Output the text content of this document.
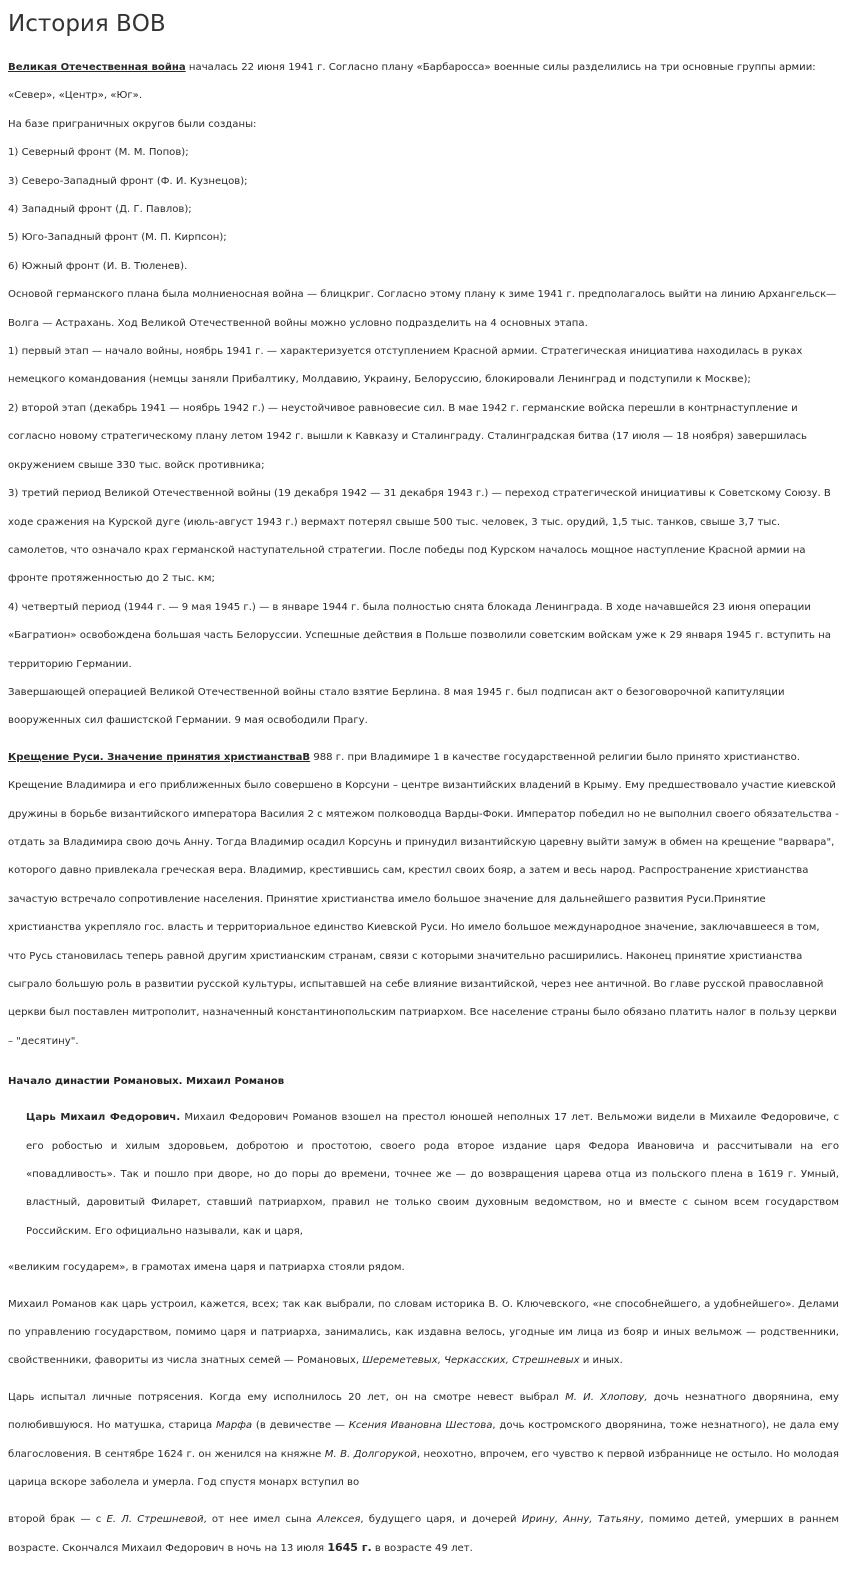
История ВОВ

Великая Отечественная война началась 22 июня 1941 г. Согласно плану «Барбаросса» военные силы разделились на три основные группы армии: «Север», «Центр», «Юг».

На базе приграничных округов были созданы:

1) Северный фронт (М. М. Попов);

3) Северо-Западный фронт (Ф. И. Кузнецов);

4) Западный фронт (Д. Г. Павлов);

5) Юго-Западный фронт (М. П. Кирпсон);

6) Южный фронт (И. В. Тюленев).

Основой германского плана была молниеносная война — блицкриг. Согласно этому плану к зиме 1941 г. предполагалось выйти на линию Архангельск—Волга — Астрахань. Ход Великой Отечественной войны можно условно подразделить на 4 основных этапа.

1) первый этап — начало войны, ноябрь 1941 г. — характеризуется отступлением Красной армии. Стратегическая инициатива находилась в руках немецкого командования (немцы заняли Прибалтику, Молдавию, Украину, Белоруссию, блокировали Ленинград и подступили к Москве);

2) второй этап (декабрь 1941 — ноябрь 1942 г.) — неустойчивое равновесие сил. В мае 1942 г. германские войска перешли в контрнаступление и согласно новому стратегическому плану летом 1942 г. вышли к Кавказу и Сталинграду. Сталинградская битва (17 июля — 18 ноября) завершилась окружением свыше 330 тыс. войск противника;

3) третий период Великой Отечественной войны (19 декабря 1942 — 31 декабря 1943 г.) — переход стратегической инициативы к Советскому Союзу. В ходе сражения на Курской дуге (июль-август 1943 г.) вермахт потерял свыше 500 тыс. человек, 3 тыс. орудий, 1,5 тыс. танков, свыше 3,7 тыс. самолетов, что означало крах германской наступательной стратегии. После победы под Курском началось мощное наступление Красной армии на фронте протяженностью до 2 тыс. км;

4) четвертый период (1944 г. — 9 мая 1945 г.) — в январе 1944 г. была полностью снята блокада Ленинграда. В ходе начавшейся 23 июня операции «Багратион» освобождена большая часть Белоруссии. Успешные действия в Польше позволили советским войскам уже к 29 января 1945 г. вступить на территорию Германии.

Завершающей операцией Великой Отечественной войны стало взятие Берлина. 8 мая 1945 г. был подписан акт о безоговорочной капитуляции вооруженных сил фашистской Германии. 9 мая освободили Прагу.

Крещение Руси. Значение принятия христианстваВ 988 г. при Владимире 1 в качестве государственной религии было принято христианство. Крещение Владимира и его приближенных было совершено в Корсуни – центре византийских владений в Крыму. Ему предшествовало участие киевской дружины в борьбе византийского императора Василия 2 с мятежом полководца Варды-Фоки. Император победил но не выполнил своего обязательства - отдать за Владимира свою дочь Анну. Тогда Владимир осадил Корсунь и принудил византийскую царевну выйти замуж в обмен на крещение "варвара", которого давно привлекала греческая вера. Владимир, крестившись сам, крестил своих бояр, а затем и весь народ. Распространение христианства зачастую встречало сопротивление населения. Принятие христианства имело большое значение для дальнейшего развития Руси.Принятие христианства укрепляло гос. власть и территориальное единство Киевской Руси. Но имело большое международное значение, заключавшееся в том, что Русь становилась теперь равной другим христианским странам, связи с которыми значительно расширились. Наконец принятие христианства сыграло большую роль в развитии русской культуры, испытавшей на себе влияние византийской, через нее античной. Во главе русской православной церкви был поставлен митрополит, назначенный константинопольским патриархом. Все население страны было обязано платить налог в пользу церкви – "десятину".

Начало династии Романовых. Михаил Романов

Царь Михаил Федорович. Михаил Федорович Романов взошел на престол юношей неполных 17 лет. Вельможи видели в Михаиле Федоровиче, с его робостью и хилым здоровьем, добротою и простотою, своего рода второе издание царя Федора Ивановича и рассчитывали на его «повадливость». Так и пошло при дворе, но до поры до времени, точнее же — до возвращения царева отца из польского плена в 1619 г. Умный, властный, даровитый Филарет, ставший патриархом, правил не только своим духовным ведомством, но и вместе с сыном всем государством Российским. Его официально называли, как и царя,

«великим государем», в грамотах имена царя и патриарха стояли рядом.

Михаил Романов как царь устроил, кажется, всех; так как выбрали, по словам историка В. О. Ключевского, «не способнейшего, а удобнейшего». Делами по управлению государством, помимо царя и патриарха, занимались, как издавна велось, угодные им лица из бояр и иных вельмож — родственники, свойственники, фавориты из числа знатных семей — Романовых, Шереметевых, Черкасских, Стрешневых и иных.

Царь испытал личные потрясения. Когда ему исполнилось 20 лет, он на смотре невест выбрал М. И. Хлопову, дочь незнатного дворянина, ему полюбившуюся. Но матушка, старица Марфа (в девичестве — Ксения Ивановна Шестова, дочь костромского дворянина, тоже незнатного), не дала ему благословения. В сентябре 1624 г. он женился на княжне М. В. Долгорукой, неохотно, впрочем, его чувство к первой избраннице не остыло. Но молодая царица вскоре заболела и умерла. Год спустя монарх вступил во

второй брак — с Е. Л. Стрешневой, от нее имел сына Алексея, будущего царя, и дочерей Ирину, Анну, Татьяну, помимо детей, умерших в раннем возрасте. Скончался Михаил Федорович в ночь на 13 июля 1645 г. в возрасте 49 лет.
